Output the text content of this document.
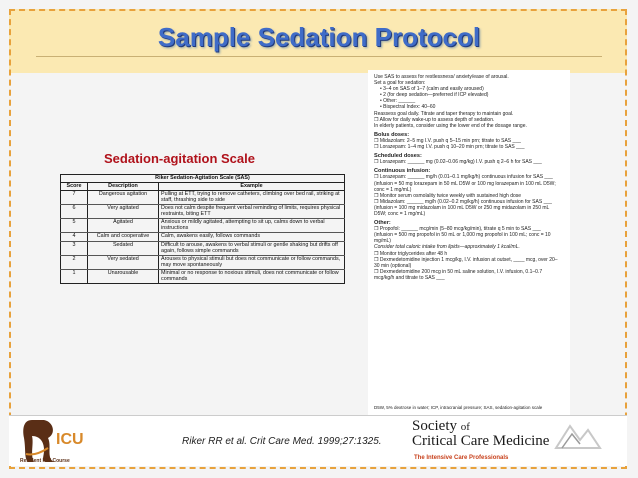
Sample Sedation Protocol
Sedation-agitation Scale
Riker Sedation-Agitation Scale (SAS)
Score	Description	Example
7	Dangerous agitation	Pulling at ETT, trying to remove catheters, climbing over bed rail, striking at staff, thrashing side to side
6	Very agitated	Does not calm despite frequent verbal reminding of limits, requires physical restraints, biting ETT
5	Agitated	Anxious or mildly agitated, attempting to sit up, calms down to verbal instructions
4	Calm and cooperative	Calm, awakens easily, follows commands
3	Sedated	Difficult to arouse, awakens to verbal stimuli or gentle shaking but drifts off again, follows simple commands
2	Very sedated	Arouses to physical stimuli but does not communicate or follow commands, may move spontaneously
1	Unarousable	Minimal or no response to noxious stimuli, does not communicate or follow commands

Use SAS to assess for restlessness/ anxiety/ease of arousal.

Set a goal for sedation:

• 3–4 on SAS of 1–7 (calm and easily aroused)

• 2 (for deep sedation—preferred if ICP elevated)

• Other: ______

• Bispectral Index: 40–60

Reassess goal daily. Titrate and taper therapy to maintain goal.

❐ Allow for daily wake-up to assess depth of sedation.

In elderly patients, consider using the lower end of the dosage range.

Bolus doses:

❐ Midazolam: 2–5 mg I.V. push q 5–15 min prn; titrate to SAS ___

❐ Lorazepam: 1–4 mg I.V. push q 10–20 min prn; titrate to SAS ___

Scheduled doses:

❐ Lorazepam: ______ mg (0.02–0.06 mg/kg) I.V. push q 2–6 h for SAS ___

Continuous infusion:

❐ Lorazepam: ______ mg/h (0.01–0.1 mg/kg/h) continuous infusion for SAS ___ (infusion = 50 mg lorazepam in 50 mL D5W or 100 mg lorazepam in 100 mL D5W; conc = 1 mg/mL)

❐ Monitor serum osmolality twice weekly with sustained high dose

❐ Midazolam: ______ mg/h (0.02–0.2 mg/kg/h) continuous infusion for SAS ___ (infusion = 100 mg midazolam in 100 mL D5W or 250 mg midazolam in 250 mL D5W; conc = 1 mg/mL)

Other:

❐ Propofol: ______ mcg/min (5–80 mcg/kg/min), titrate q 5 min to SAS ___

(infusion = 500 mg propofol in 50 mL or 1,000 mg propofol in 100 mL; conc = 10 mg/mL)

Consider total caloric intake from lipids—approximately 1 kcal/mL.

❐ Monitor triglycerides after 48 h

❐ Dexmedetomidine injection 1 mcg/kg, I.V. infusion at outset, ____ mcg, over 20–30 min (optional)

❐ Dexmedetomidine 200 mcg in 50 mL saline solution, I.V. infusion, 0.1–0.7 mcg/kg/h and titrate to SAS ___

D5W, 5% dextrose in water; ICP, intracranial pressure; SAS, sedation-agitation scale
ICU
Resident ICU Course
Riker RR et al. Crit Care Med. 1999;27:1325.
Society of
Critical Care Medicine
The Intensive Care Professionals
